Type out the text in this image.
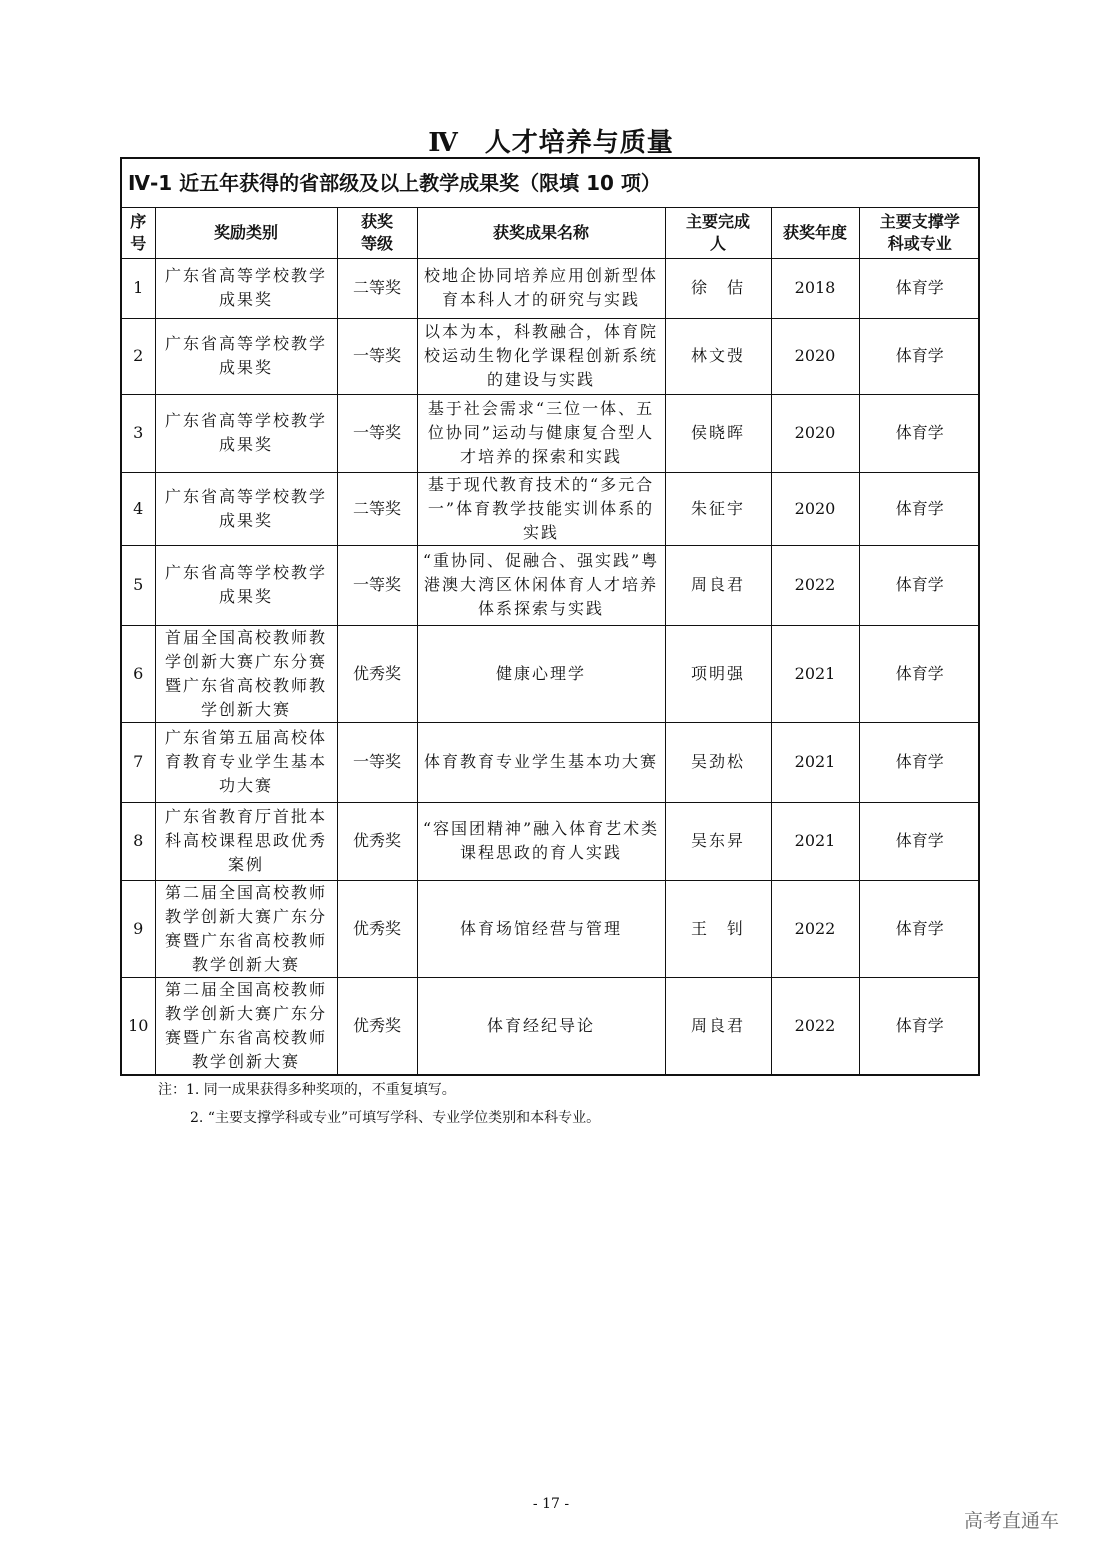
Ⅳ 人才培养与质量
Ⅳ-1 近五年获得的省部级及以上教学成果奖（限填 10 项）
序号	奖励类别	获奖等级	获奖成果名称	主要完成人	获奖年度	主要支撑学科或专业
1	广东省高等学校教学成果奖	二等奖	校地企协同培养应用创新型体育本科人才的研究与实践	徐　佶	2018	体育学
2	广东省高等学校教学成果奖	一等奖	以本为本，科教融合，体育院校运动生物化学课程创新系统的建设与实践	林文弢	2020	体育学
3	广东省高等学校教学成果奖	一等奖	基于社会需求“三位一体、五位协同”运动与健康复合型人才培养的探索和实践	侯晓晖	2020	体育学
4	广东省高等学校教学成果奖	二等奖	基于现代教育技术的“多元合一”体育教学技能实训体系的实践	朱征宇	2020	体育学
5	广东省高等学校教学成果奖	一等奖	“重协同、促融合、强实践”粤港澳大湾区休闲体育人才培养体系探索与实践	周良君	2022	体育学
6	首届全国高校教师教学创新大赛广东分赛暨广东省高校教师教学创新大赛	优秀奖	健康心理学	项明强	2021	体育学
7	广东省第五届高校体育教育专业学生基本功大赛	一等奖	体育教育专业学生基本功大赛	吴劲松	2021	体育学
8	广东省教育厅首批本科高校课程思政优秀案例	优秀奖	“容国团精神”融入体育艺术类课程思政的育人实践	吴东昇	2021	体育学
9	第二届全国高校教师教学创新大赛广东分赛暨广东省高校教师教学创新大赛	优秀奖	体育场馆经营与管理	王　钊	2022	体育学
10	第二届全国高校教师教学创新大赛广东分赛暨广东省高校教师教学创新大赛	优秀奖	体育经纪导论	周良君	2022	体育学
注：1. 同一成果获得多种奖项的，不重复填写。
2. “主要支撑学科或专业”可填写学科、专业学位类别和本科专业。
- 17 -
高考直通车
